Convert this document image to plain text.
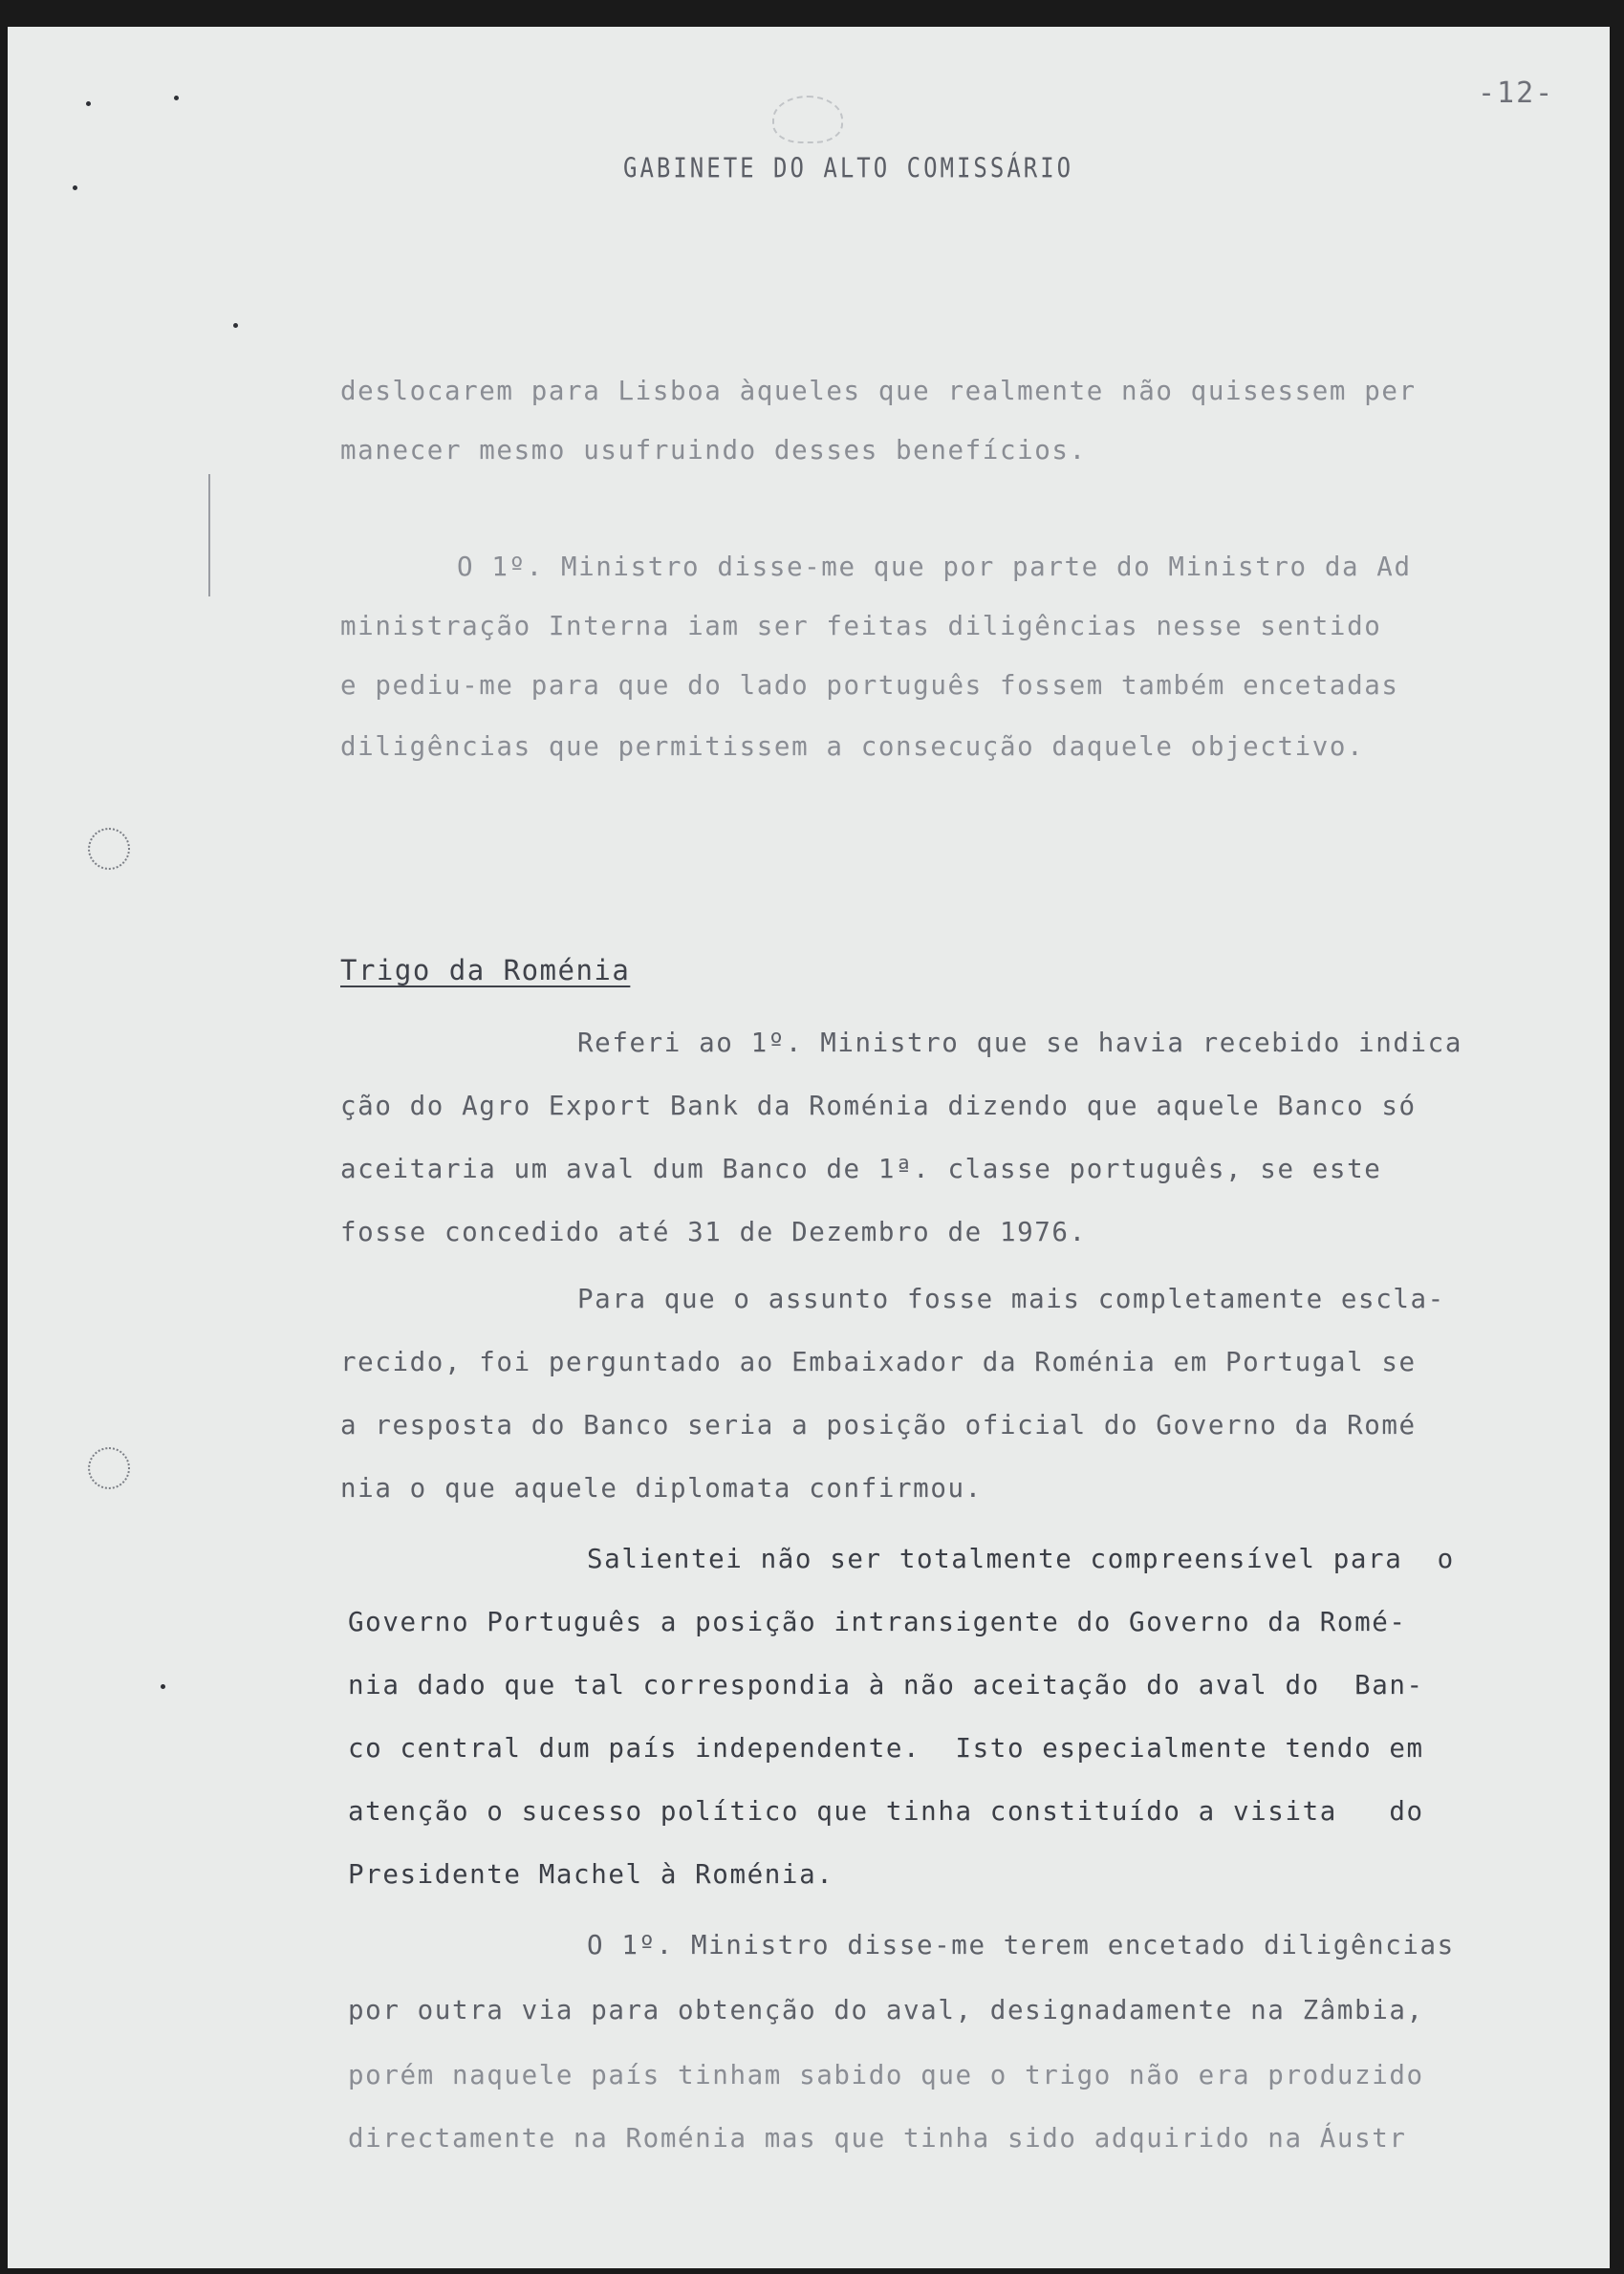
-12-
GABINETE DO ALTO COMISSÁRIO
deslocarem para Lisboa àqueles que realmente não quisessem per
manecer mesmo usufruindo desses benefícios.
O 1º. Ministro disse-me que por parte do Ministro da Ad
ministração Interna iam ser feitas diligências nesse sentido
e pediu-me para que do lado português fossem também encetadas
diligências que permitissem a consecução daquele objectivo.
Trigo da Roménia
Referi ao 1º. Ministro que se havia recebido indica
ção do Agro Export Bank da Roménia dizendo que aquele Banco só
aceitaria um aval dum Banco de 1ª. classe português, se este
fosse concedido até 31 de Dezembro de 1976.
Para que o assunto fosse mais completamente escla-
recido, foi perguntado ao Embaixador da Roménia em Portugal se
a resposta do Banco seria a posição oficial do Governo da Romé
nia o que aquele diplomata confirmou.
Salientei não ser totalmente compreensível para  o
Governo Português a posição intransigente do Governo da Romé-
nia dado que tal correspondia à não aceitação do aval do  Ban-
co central dum país independente.  Isto especialmente tendo em
atenção o sucesso político que tinha constituído a visita   do
Presidente Machel à Roménia.
O 1º. Ministro disse-me terem encetado diligências
por outra via para obtenção do aval, designadamente na Zâmbia,
porém naquele país tinham sabido que o trigo não era produzido
directamente na Roménia mas que tinha sido adquirido na Áustr
